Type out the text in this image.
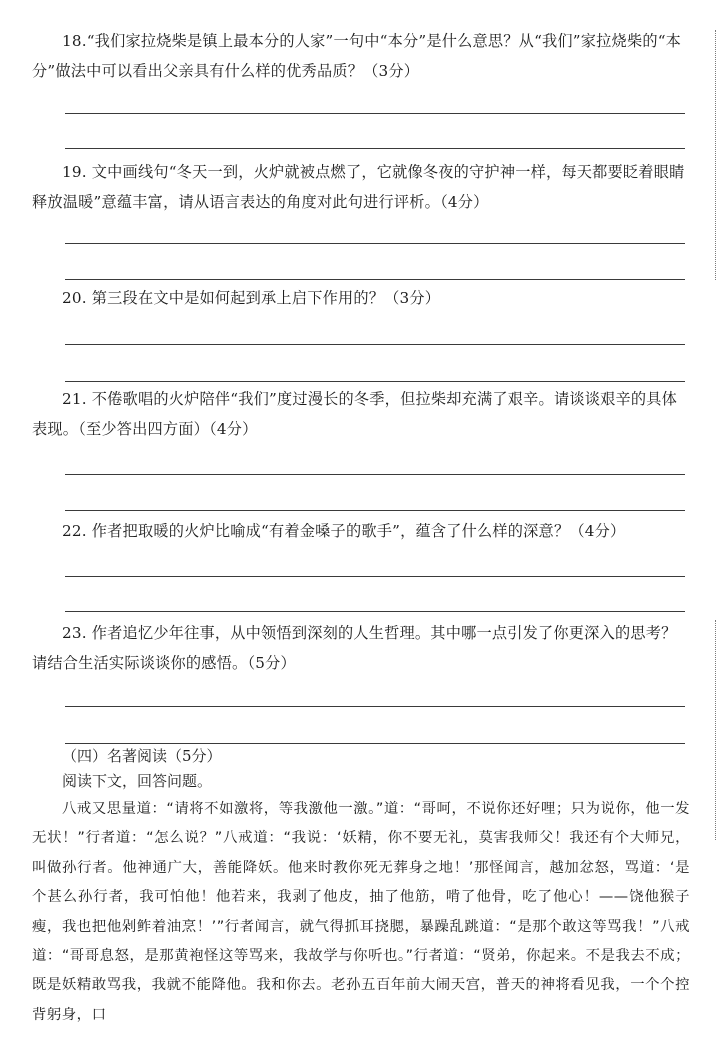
18.“我们家拉烧柴是镇上最本分的人家”一句中“本分”是什么意思？从“我们”家拉烧柴的“本分”做法中可以看出父亲具有什么样的优秀品质？（3分）
19. 文中画线句“冬天一到，火炉就被点燃了，它就像冬夜的守护神一样，每天都要眨着眼睛释放温暖”意蕴丰富，请从语言表达的角度对此句进行评析。（4分）
20. 第三段在文中是如何起到承上启下作用的？（3分）
21. 不倦歌唱的火炉陪伴“我们”度过漫长的冬季，但拉柴却充满了艰辛。请谈谈艰辛的具体表现。（至少答出四方面）（4分）
22. 作者把取暖的火炉比喻成“有着金嗓子的歌手”，蕴含了什么样的深意？（4分）
23. 作者追忆少年往事，从中领悟到深刻的人生哲理。其中哪一点引发了你更深入的思考？请结合生活实际谈谈你的感悟。（5分）
（四）名著阅读（5分）
阅读下文，回答问题。
八戒又思量道：“请将不如激将，等我激他一激。”道：“哥呵，不说你还好哩；只为说你，他一发无状！”行者道：“怎么说？”八戒道：“我说：‘妖精，你不要无礼，莫害我师父！我还有个大师兄，叫做孙行者。他神通广大，善能降妖。他来时教你死无葬身之地！’那怪闻言，越加忿怒，骂道：‘是个甚么孙行者，我可怕他！他若来，我剥了他皮，抽了他筋，啃了他骨，吃了他心！——饶他猴子瘦，我也把他剁鲊着油烹！’”行者闻言，就气得抓耳挠腮，暴躁乱跳道：“是那个敢这等骂我！”八戒道：“哥哥息怒，是那黄袍怪这等骂来，我故学与你听也。”行者道：“贤弟，你起来。不是我去不成；既是妖精敢骂我，我就不能降他。我和你去。老孙五百年前大闹天宫，普天的神将看见我，一个个控背躬身，口
